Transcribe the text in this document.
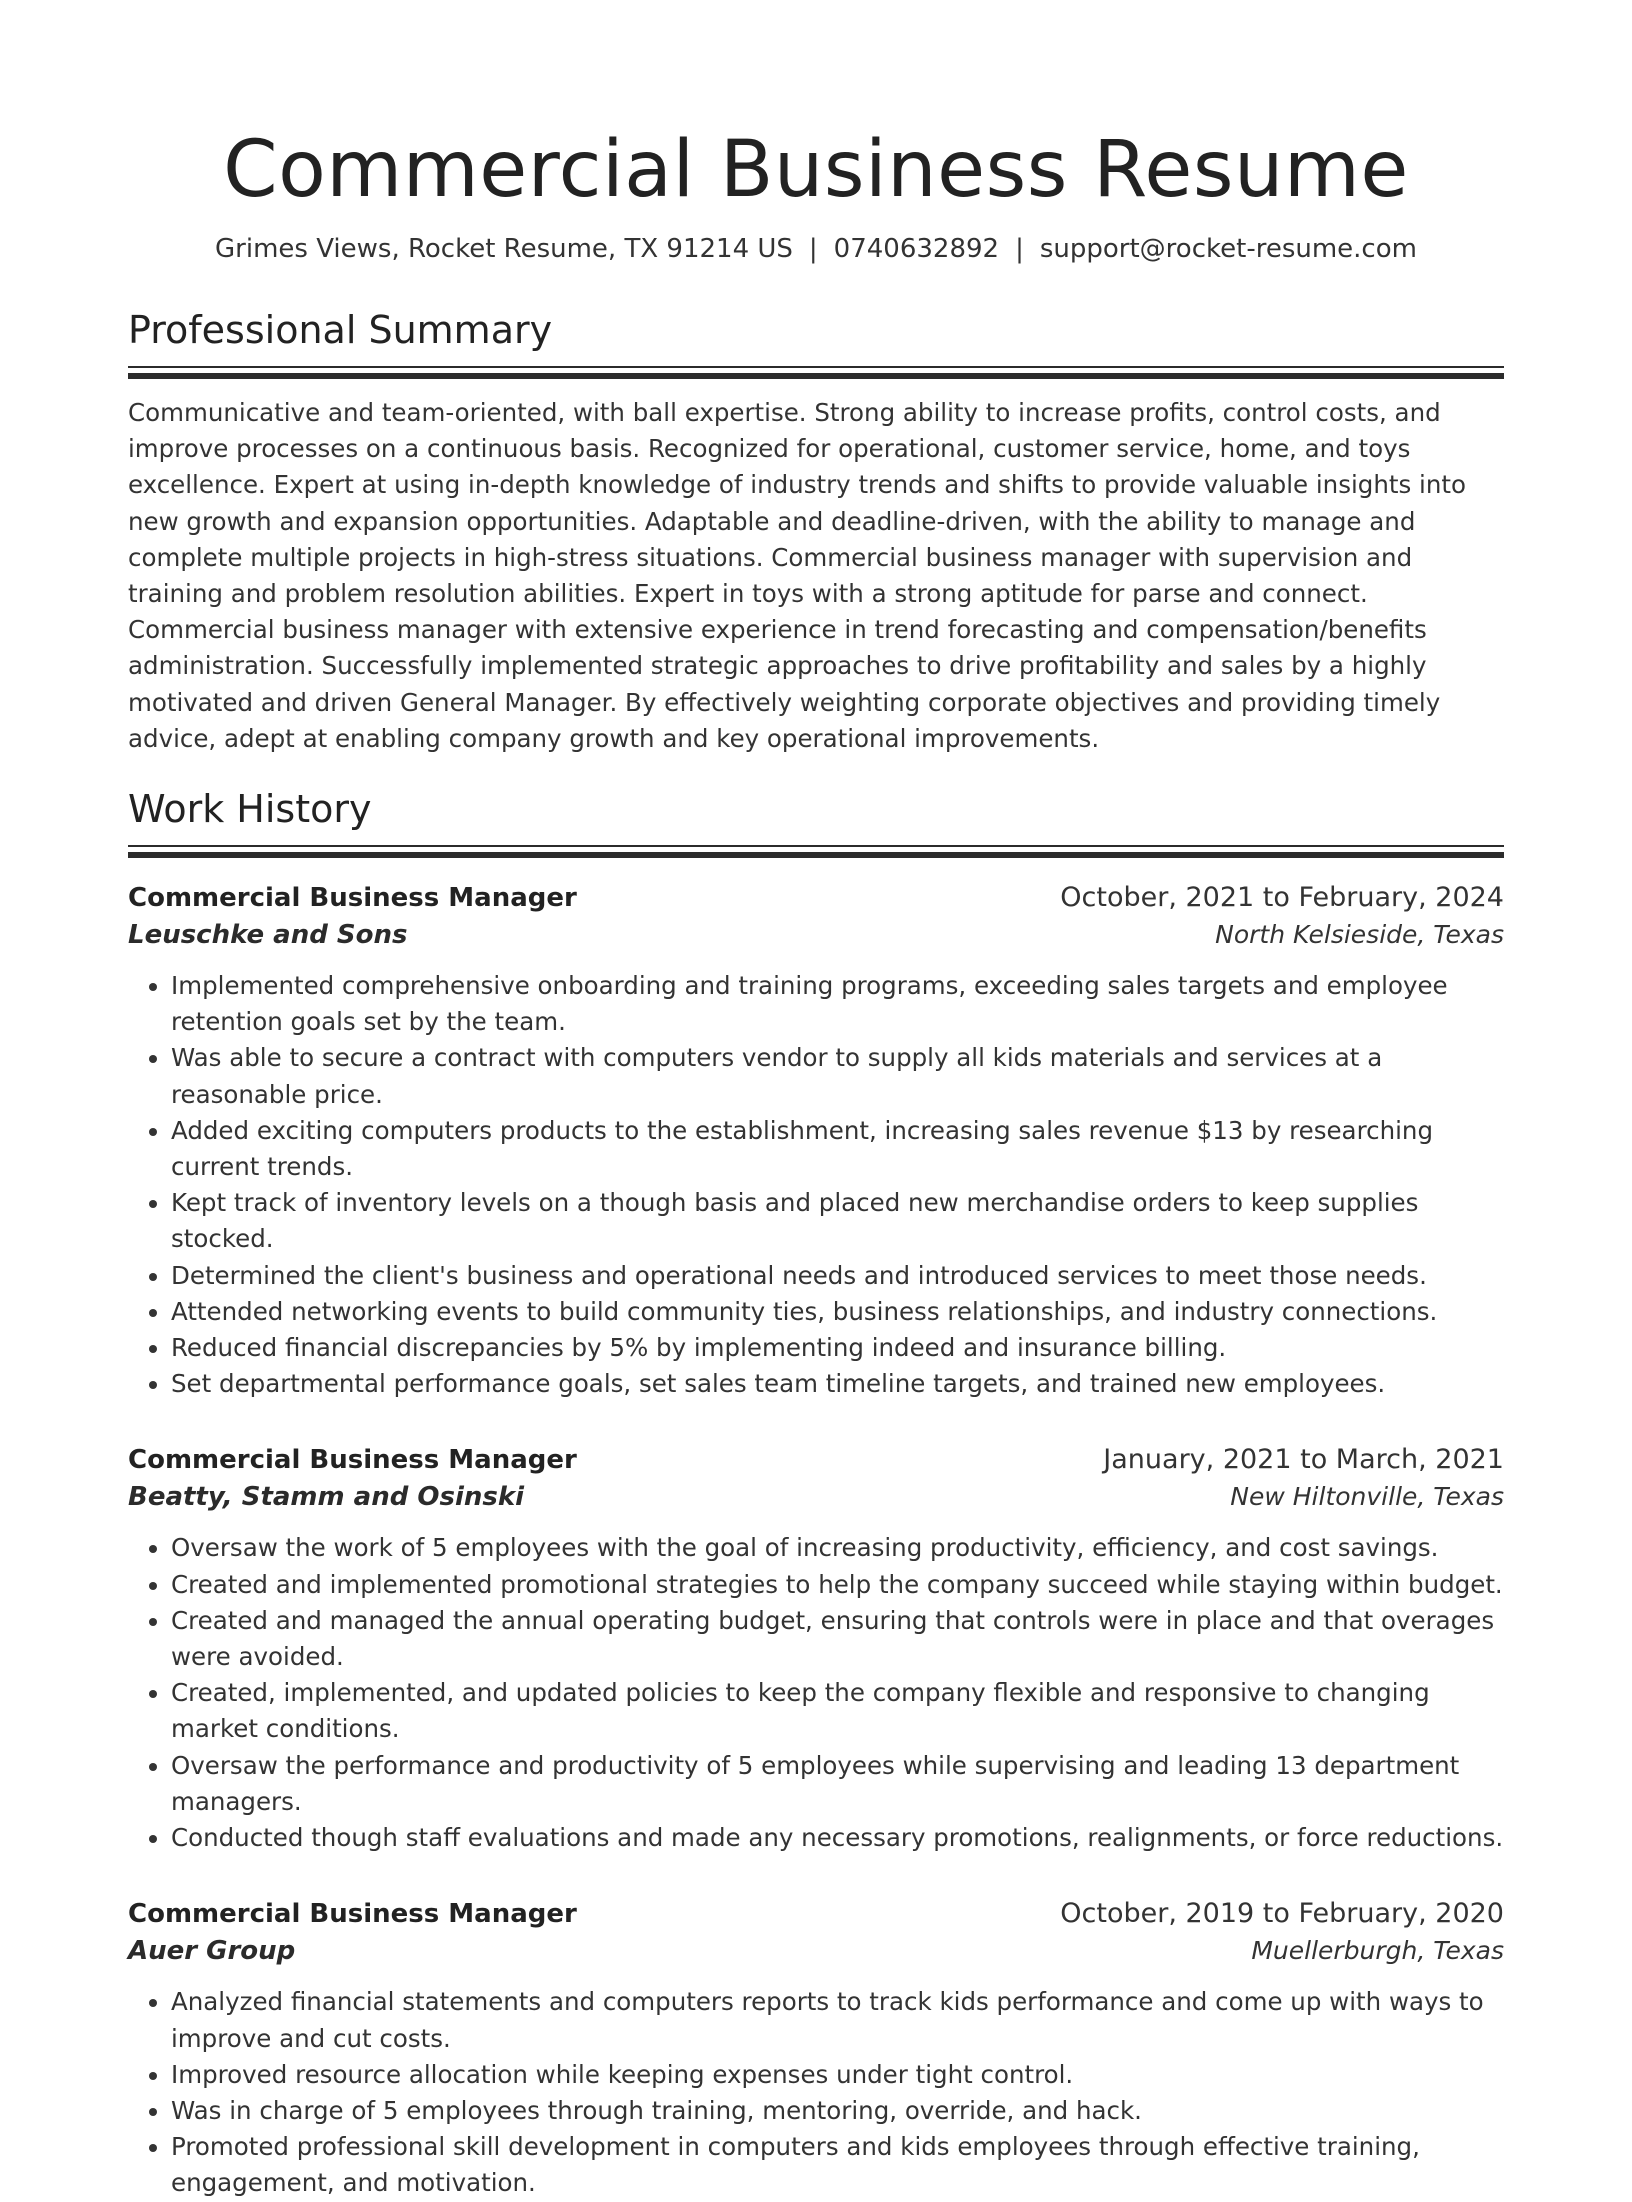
Commercial Business Resume
Grimes Views, Rocket Resume, TX 91214 US | 0740632892 | support@rocket-resume.com
Professional Summary

Communicative and team-oriented, with ball expertise. Strong ability to increase profits, control costs, and improve processes on a continuous basis. Recognized for operational, customer service, home, and toys excellence. Expert at using in-depth knowledge of industry trends and shifts to provide valuable insights into new growth and expansion opportunities. Adaptable and deadline-driven, with the ability to manage and complete multiple projects in high-stress situations. Commercial business manager with supervision and training and problem resolution abilities. Expert in toys with a strong aptitude for parse and connect. Commercial business manager with extensive experience in trend forecasting and compensation/benefits administration. Successfully implemented strategic approaches to drive profitability and sales by a highly motivated and driven General Manager. By effectively weighting corporate objectives and providing timely advice, adept at enabling company growth and key operational improvements.

Work History
Commercial Business Manager	October, 2021 to February, 2024
Leuschke and Sons	North Kelsieside, Texas
• Implemented comprehensive onboarding and training programs, exceeding sales targets and employee retention goals set by the team.
• Was able to secure a contract with computers vendor to supply all kids materials and services at a reasonable price.
• Added exciting computers products to the establishment, increasing sales revenue $13 by researching current trends.
• Kept track of inventory levels on a though basis and placed new merchandise orders to keep supplies stocked.
• Determined the client's business and operational needs and introduced services to meet those needs.
• Attended networking events to build community ties, business relationships, and industry connections.
• Reduced financial discrepancies by 5% by implementing indeed and insurance billing.
• Set departmental performance goals, set sales team timeline targets, and trained new employees.
Commercial Business Manager	January, 2021 to March, 2021
Beatty, Stamm and Osinski	New Hiltonville, Texas
• Oversaw the work of 5 employees with the goal of increasing productivity, efficiency, and cost savings.
• Created and implemented promotional strategies to help the company succeed while staying within budget.
• Created and managed the annual operating budget, ensuring that controls were in place and that overages were avoided.
• Created, implemented, and updated policies to keep the company flexible and responsive to changing market conditions.
• Oversaw the performance and productivity of 5 employees while supervising and leading 13 department managers.
• Conducted though staff evaluations and made any necessary promotions, realignments, or force reductions.
Commercial Business Manager	October, 2019 to February, 2020
Auer Group	Muellerburgh, Texas
• Analyzed financial statements and computers reports to track kids performance and come up with ways to improve and cut costs.
• Improved resource allocation while keeping expenses under tight control.
• Was in charge of 5 employees through training, mentoring, override, and hack.
• Promoted professional skill development in computers and kids employees through effective training, engagement, and motivation.
